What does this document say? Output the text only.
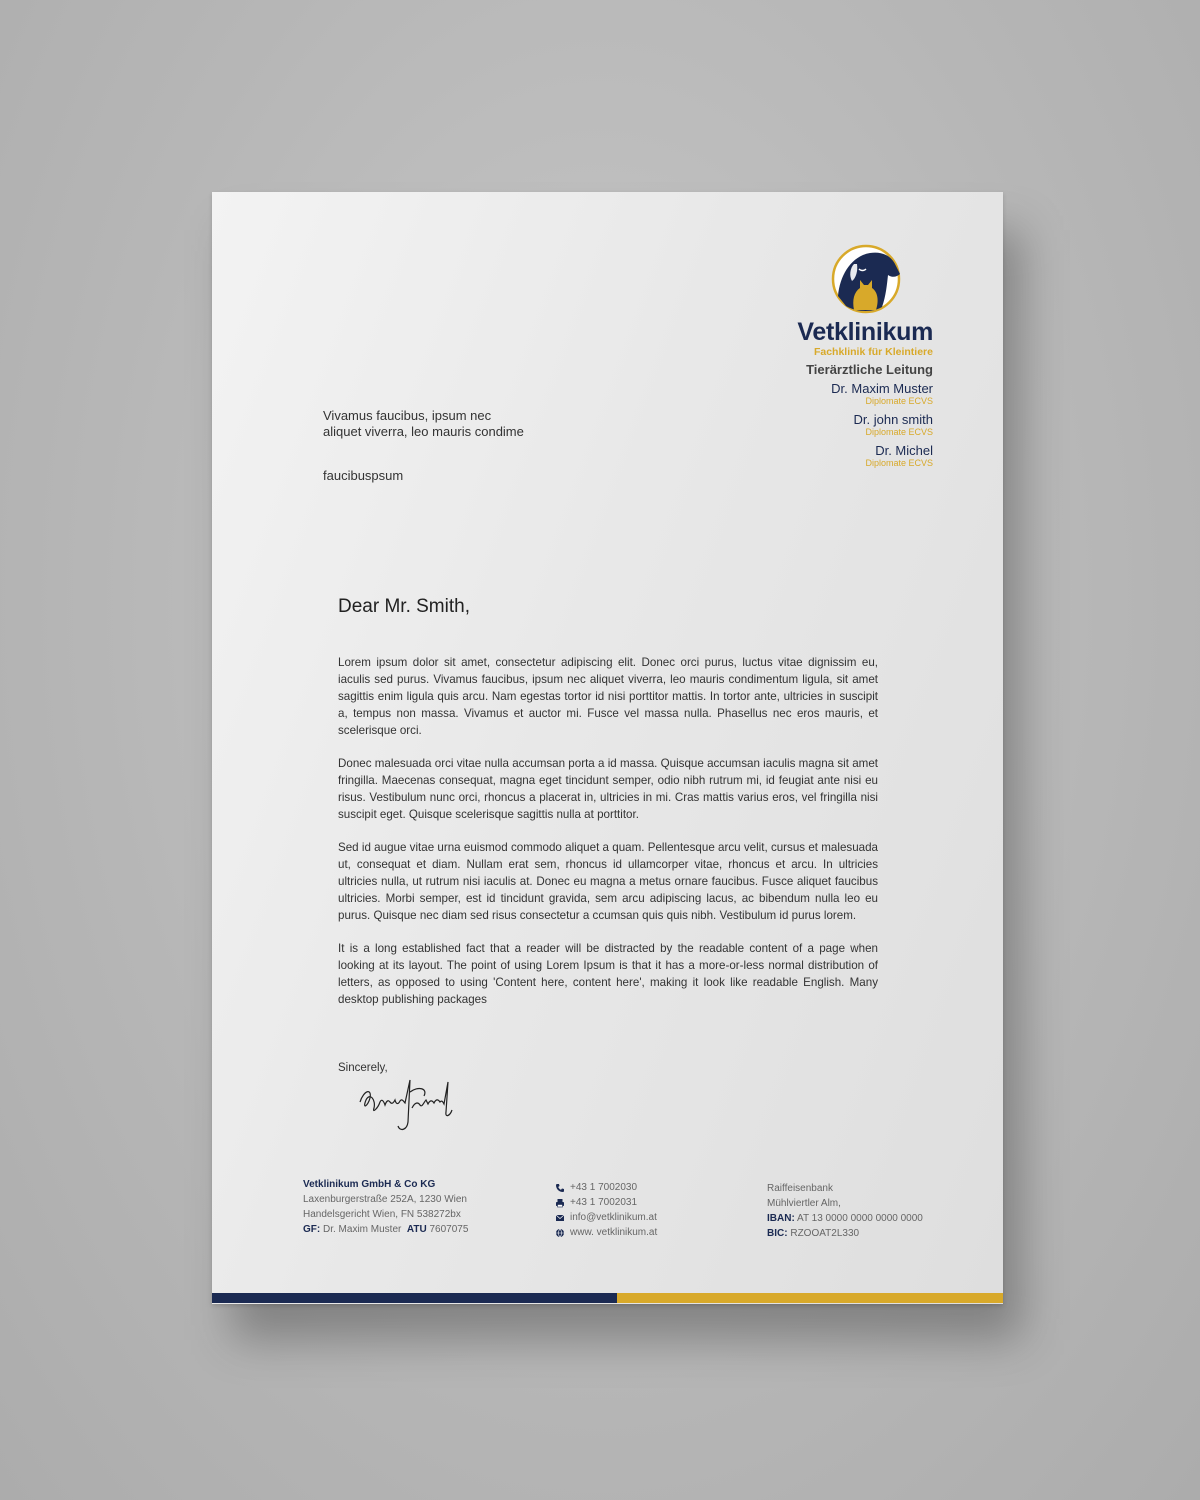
Vetklinikum
Fachklinik für Kleintiere
Tierärztliche Leitung
Dr. Maxim Muster
Diplomate ECVS
Dr. john smith
Diplomate ECVS
Dr. Michel
Diplomate ECVS
Vivamus faucibus, ipsum nec
aliquet viverra, leo mauris condime
faucibuspsum
Dear Mr. Smith,

Lorem ipsum dolor sit amet, consectetur adipiscing elit. Donec orci purus, luctus vitae dignissim eu, iaculis sed purus. Vivamus faucibus, ipsum nec aliquet viverra, leo mauris condimentum ligula, sit amet sagittis enim ligula quis arcu. Nam egestas tortor id nisi porttitor mattis. In tortor ante, ultricies in suscipit a, tempus non massa. Vivamus et auctor mi. Fusce vel massa nulla. Phasellus nec eros mauris, et scelerisque orci.

Donec malesuada orci vitae nulla accumsan porta a id massa. Quisque accumsan iaculis magna sit amet fringilla. Maecenas consequat, magna eget tincidunt semper, odio nibh rutrum mi, id feugiat ante nisi eu risus. Vestibulum nunc orci, rhoncus a placerat in, ultricies in mi. Cras mattis varius eros, vel fringilla nisi suscipit eget. Quisque scelerisque sagittis nulla at porttitor.

Sed id augue vitae urna euismod commodo aliquet a quam. Pellentesque arcu velit, cursus et malesuada ut, consequat et diam. Nullam erat sem, rhoncus id ullamcorper vitae, rhoncus et arcu. In ultricies ultricies nulla, ut rutrum nisi iaculis at. Donec eu magna a metus ornare faucibus. Fusce aliquet faucibus ultricies. Morbi semper, est id tincidunt gravida, sem arcu adipiscing lacus, ac bibendum nulla leo eu purus. Quisque nec diam sed risus consectetur a ccumsan quis quis nibh. Vestibulum id purus lorem.

It is a long established fact that a reader will be distracted by the readable content of a page when looking at its layout. The point of using Lorem Ipsum is that it has a more-or-less normal distribution of letters, as opposed to using 'Content here, content here', making it look like readable English. Many desktop publishing packages

Sincerely,
Vetklinikum GmbH & Co KG
Laxenburgerstraße 252A, 1230 Wien
Handelsgericht Wien, FN 538272bx
GF: Dr. Maxim Muster ATU 7607075
+43 1 7002030
+43 1 7002031
info@vetklinikum.at
www. vetklinikum.at
Raiffeisenbank
Mühlviertler Alm,
IBAN: AT 13 0000 0000 0000 0000
BIC: RZOOAT2L330
